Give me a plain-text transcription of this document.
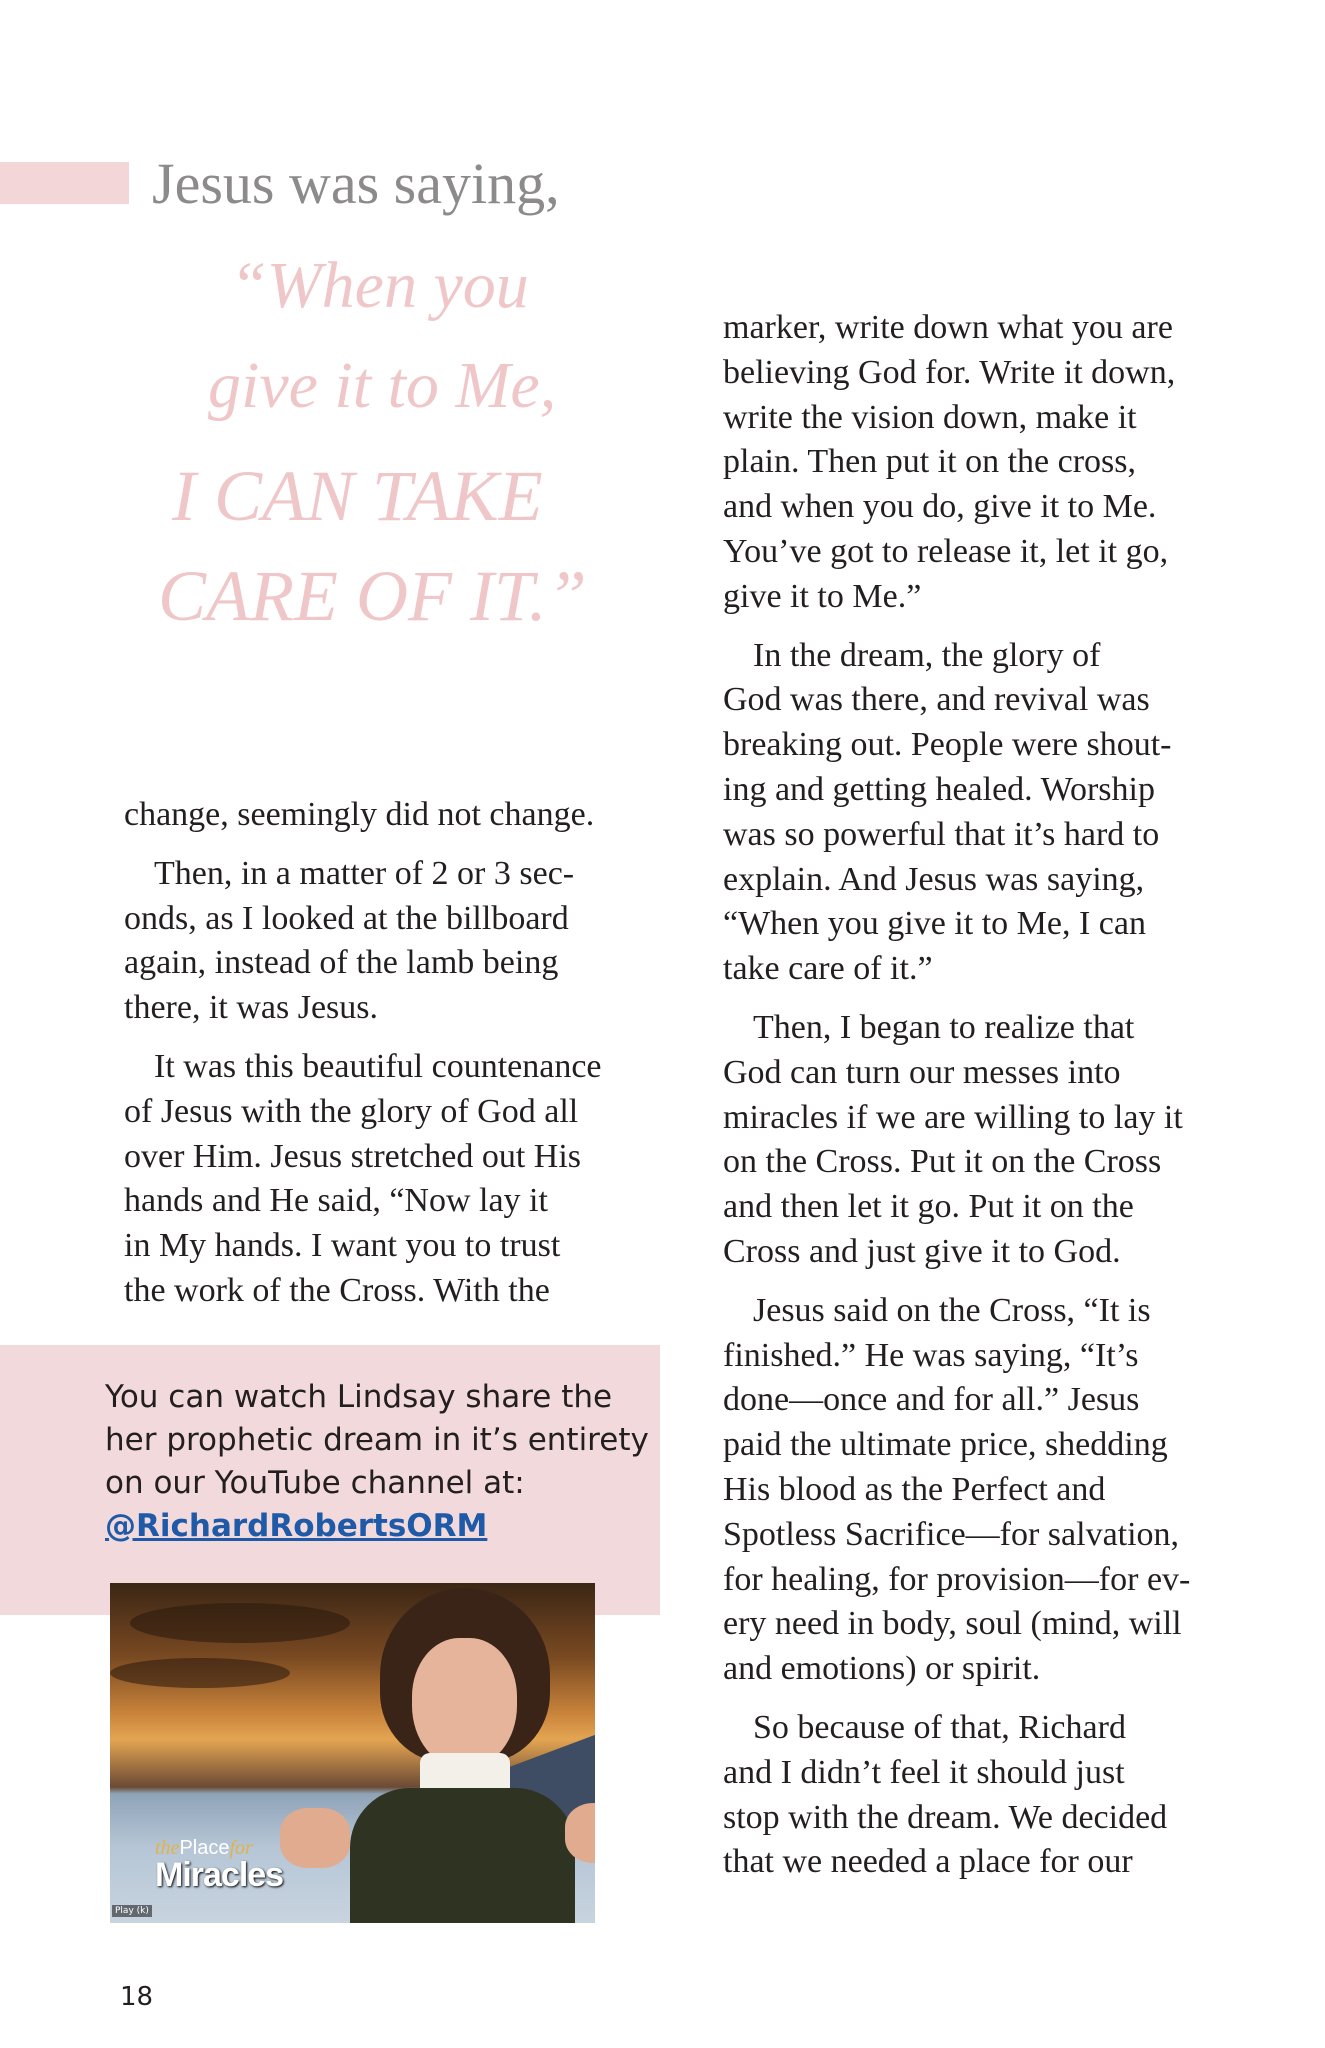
Jesus was saying,

“When you

give it to Me,

I CAN TAKE

CARE OF IT.”

change, seemingly did not change.

Then, in a matter of 2 or 3 sec-

onds, as I looked at the billboard

again, instead of the lamb being

there, it was Jesus.

It was this beautiful countenance

of Jesus with the glory of God all

over Him. Jesus stretched out His

hands and He said, “Now lay it

in My hands. I want you to trust

the work of the Cross. With the

marker, write down what you are

believing God for. Write it down,

write the vision down, make it

plain. Then put it on the cross,

and when you do, give it to Me.

You’ve got to release it, let it go,

give it to Me.”

In the dream, the glory of

God was there, and revival was

breaking out. People were shout-

ing and getting healed. Worship

was so powerful that it’s hard to

explain. And Jesus was saying,

“When you give it to Me, I can

take care of it.”

Then, I began to realize that

God can turn our messes into

miracles if we are willing to lay it

on the Cross. Put it on the Cross

and then let it go. Put it on the

Cross and just give it to God.

Jesus said on the Cross, “It is

finished.” He was saying, “It’s

done—once and for all.” Jesus

paid the ultimate price, shedding

His blood as the Perfect and

Spotless Sacrifice—for salvation,

for healing, for provision—for ev-

ery need in body, soul (mind, will

and emotions) or spirit.

So because of that, Richard

and I didn’t feel it should just

stop with the dream. We decided

that we needed a place for our

You can watch Lindsay share the

her prophetic dream in it’s entirety

on our YouTube channel at:

@RichardRobertsORM

thePlacefor
Miracles
Play (k)

18
